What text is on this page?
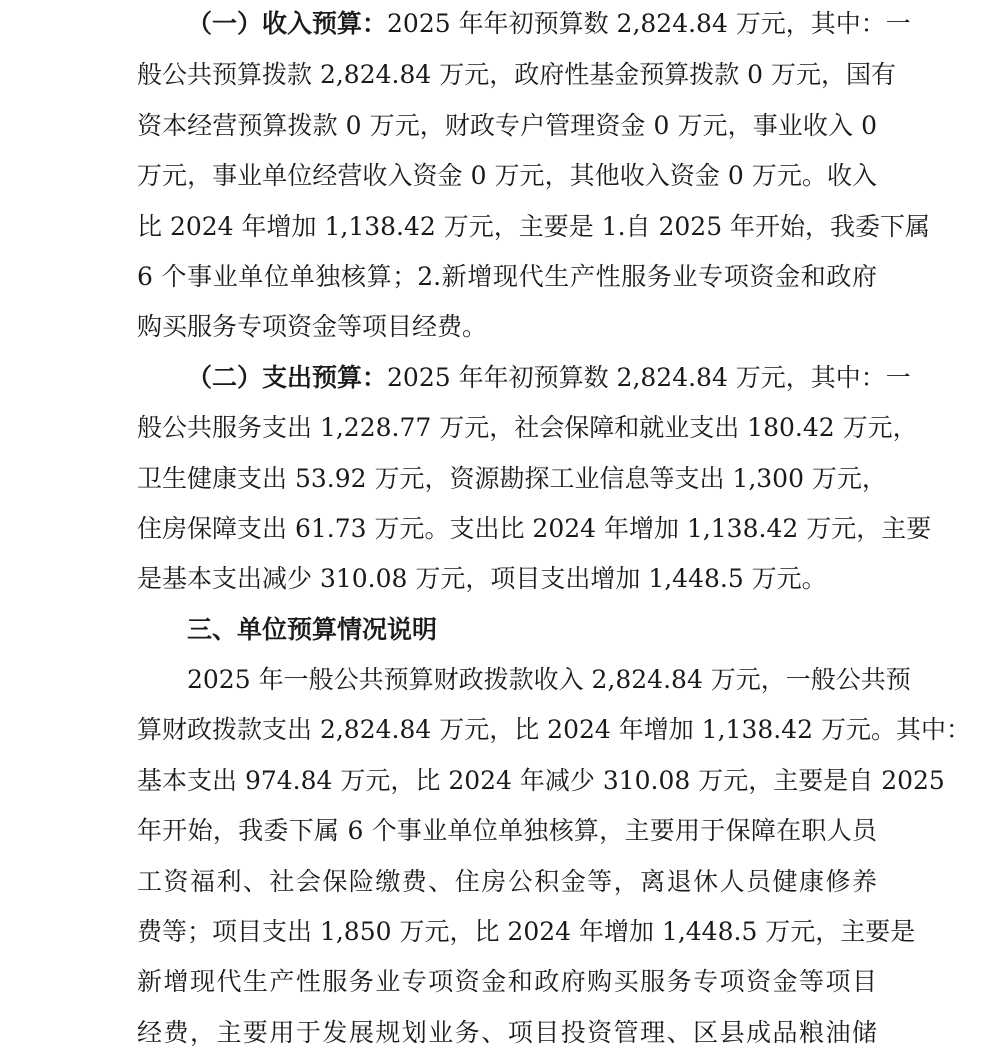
（一）收入预算：2025 年年初预算数 2,824.84 万元，其中：一
般公共预算拨款 2,824.84 万元，政府性基金预算拨款 0 万元，国有
资本经营预算拨款 0 万元，财政专户管理资金 0 万元，事业收入 0
万元，事业单位经营收入资金 0 万元，其他收入资金 0 万元。收入
比 2024 年增加 1,138.42 万元，主要是 1.自 2025 年开始，我委下属
6 个事业单位单独核算；2.新增现代生产性服务业专项资金和政府
购买服务专项资金等项目经费。
（二）支出预算：2025 年年初预算数 2,824.84 万元，其中：一
般公共服务支出 1,228.77 万元，社会保障和就业支出 180.42 万元，
卫生健康支出 53.92 万元，资源勘探工业信息等支出 1,300 万元，
住房保障支出 61.73 万元。支出比 2024 年增加 1,138.42 万元，主要
是基本支出减少 310.08 万元，项目支出增加 1,448.5 万元。
三、单位预算情况说明
2025 年一般公共预算财政拨款收入 2,824.84 万元，一般公共预
算财政拨款支出 2,824.84 万元，比 2024 年增加 1,138.42 万元。其中：
基本支出 974.84 万元，比 2024 年减少 310.08 万元，主要是自 2025
年开始，我委下属 6 个事业单位单独核算，主要用于保障在职人员
工资福利、社会保险缴费、住房公积金等，离退休人员健康修养
费等；项目支出 1,850 万元，比 2024 年增加 1,448.5 万元，主要是
新增现代生产性服务业专项资金和政府购买服务专项资金等项目
经费，主要用于发展规划业务、项目投资管理、区县成品粮油储
